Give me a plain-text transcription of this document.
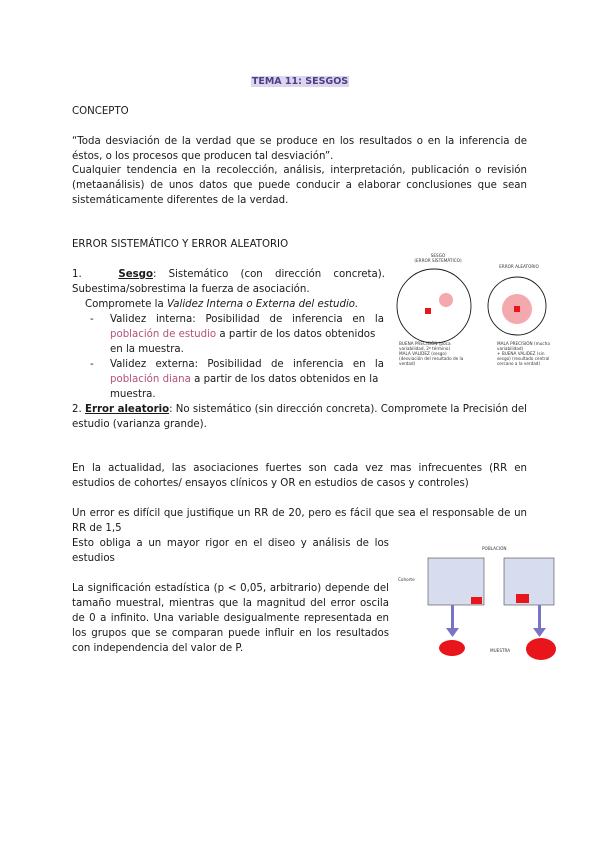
TEMA 11: SESGOS
CONCEPTO
“Toda desviación de la verdad que se produce en los resultados o en la inferencia de éstos, o los procesos que producen tal desviación”.
Cualquier tendencia en la recolección, análisis, interpretación, publicación o revisión (metaanálisis) de unos datos que puede conducir a elaborar conclusiones que sean sistemáticamente diferentes de la verdad.
ERROR SISTEMÁTICO Y ERROR ALEATORIO
1.	Sesgo: Sistemático (con dirección concreta).
Subestima/sobrestima la fuerza de asociación.
Compromete la Validez Interna o Externa del estudio.
- Validez interna: Posibilidad de inferencia en la
población de estudio a partir de los datos obtenidos
en la muestra.
- Validez externa: Posibilidad de inferencia en la
población diana a partir de los datos obtenidos en la
muestra.
2. Error aleatorio: No sistemático (sin dirección concreta). Compromete la Precisión del estudio (varianza grande).
SESGO
(ERROR SISTEMÁTICO)
ERROR ALEATORIO
BUENA PRECISIÓN (poca variabilidad, 2º término)
MALA VALIDEZ (sesgo) (desviación del resultado de la verdad)
MALA PRECISIÓN (mucha variabilidad)
+ BUENA VALIDEZ (sin sesgo) (resultado central cercano a la verdad)
En la actualidad, las asociaciones fuertes son cada vez mas infrecuentes (RR en estudios de cohortes/ ensayos clínicos y OR en estudios de casos y controles)
Un error es difícil que justifique un RR de 20, pero es fácil que sea el responsable de un RR de 1,5
Esto obliga a un mayor rigor en el diseo y análisis de los estudios
La significación estadística (p < 0,05, arbitrario) depende del tamaño muestral, mientras que la magnitud del error oscila de 0 a infinito. Una variable desigualmente representada en los grupos que se comparan puede influir en los resultados con independencia del valor de P.
POBLACIÓN
Cohorte
MUESTRA
